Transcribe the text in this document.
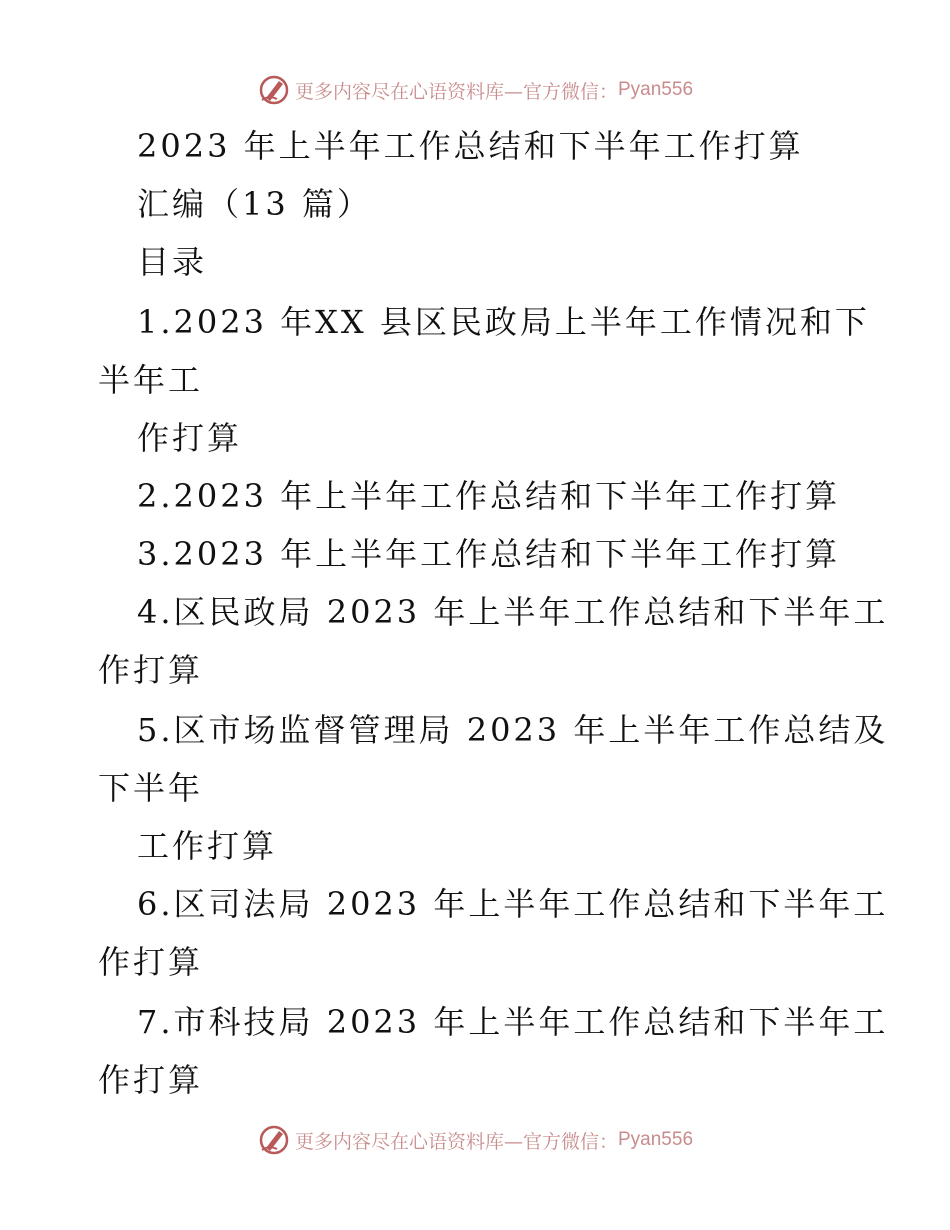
更多内容尽在心语资料库—官方微信： Pyan556
2023 年上半年工作总结和下半年工作打算
汇编（13 篇）
目录
1.2023 年XX 县区民政局上半年工作情况和下
半年工
作打算
2.2023 年上半年工作总结和下半年工作打算
3.2023 年上半年工作总结和下半年工作打算
4.区民政局 2023 年上半年工作总结和下半年工
作打算
5.区市场监督管理局 2023 年上半年工作总结及
下半年
工作打算
6.区司法局 2023 年上半年工作总结和下半年工
作打算
7.市科技局 2023 年上半年工作总结和下半年工
作打算
更多内容尽在心语资料库—官方微信： Pyan556
